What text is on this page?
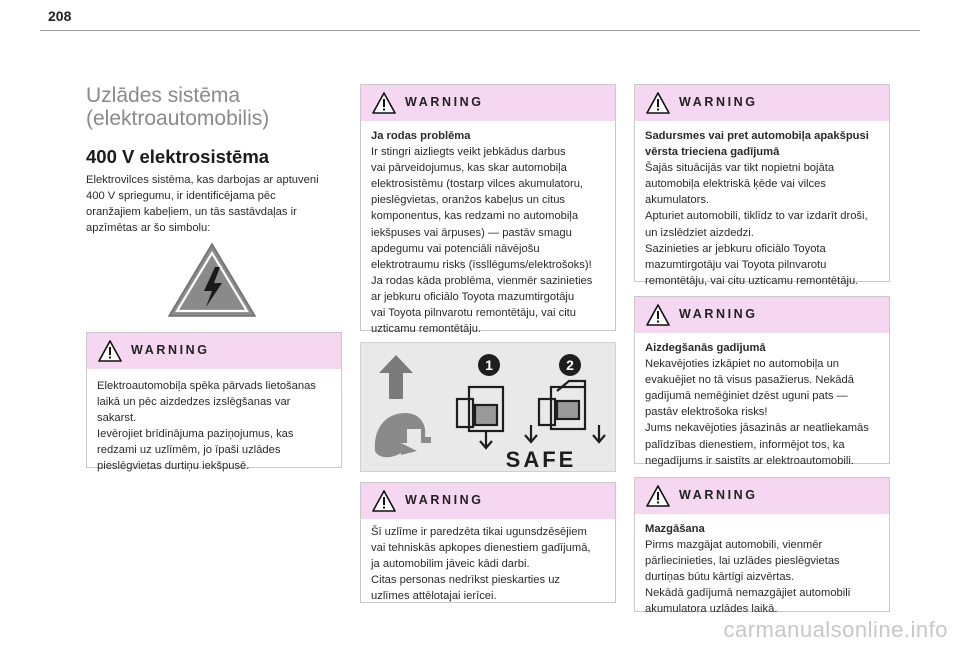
208
Uzlādes sistēma
(elektroautomobilis)
400 V elektrosistēma
Elektrovilces sistēma, kas darbojas ar aptuveni
400 V spriegumu, ir identificējama pēc
oranžajiem kabeļiem, un tās sastāvdaļas ir
apzīmētas ar šo simbolu:
WARNING
Elektroautomobiļa spēka pārvads lietošanas
laikā un pēc aizdedzes izslēgšanas var
sakarst.
Ievērojiet brīdinājuma paziņojumus, kas
redzami uz uzlīmēm, jo īpaši uzlādes
pieslēgvietas durtiņu iekšpusē.
WARNING
Ja rodas problēma
Ir stingri aizliegts veikt jebkādus darbus
vai pārveidojumus, kas skar automobiļa
elektrosistēmu (tostarp vilces akumulatoru,
pieslēgvietas, oranžos kabeļus un citus
komponentus, kas redzami no automobiļa
iekšpuses vai ārpuses) — pastāv smagu
apdegumu vai potenciāli nāvējošu
elektrotraumu risks (īssllēgums/elektrošoks)!
Ja rodas kāda problēma, vienmēr sazinieties
ar jebkuru oficiālo Toyota mazumtirgotāju
vai Toyota pilnvarotu remontētāju, vai citu
uzticamu remontētāju.
1	2
SAFE
WARNING
Šī uzlīme ir paredzēta tikai ugunsdzēsējiem
vai tehniskās apkopes dienestiem gadījumā,
ja automobilim jāveic kādi darbi.
Citas personas nedrīkst pieskarties uz
uzlīmes attēlotajai ierīcei.
WARNING
Sadursmes vai pret automobiļa apakšpusi
vērsta trieciena gadījumā
Šajās situācijās var tikt nopietni bojāta
automobiļa elektriskā ķēde vai vilces
akumulators.
Apturiet automobili, tiklīdz to var izdarīt droši,
un izslēdziet aizdedzi.
Sazinieties ar jebkuru oficiālo Toyota
mazumtirgotāju vai Toyota pilnvarotu
remontētāju, vai citu uzticamu remontētāju.
WARNING
Aizdegšanās gadījumā
Nekavējoties izkāpiet no automobiļa un
evakuējiet no tā visus pasažierus. Nekādā
gadījumā nemēģiniet dzēst uguni pats —
pastāv elektrošoka risks!
Jums nekavējoties jāsazinās ar neatliekamās
palīdzības dienestiem, informējot tos, ka
negadījums ir saistīts ar elektroautomobili.
WARNING
Mazgāšana
Pirms mazgājat automobili, vienmēr
pārliecinieties, lai uzlādes pieslēgvietas
durtiņas būtu kārtīgi aizvērtas.
Nekādā gadījumā nemazgājiet automobili
akumulatora uzlādes laikā.
carmanualsonline.info
